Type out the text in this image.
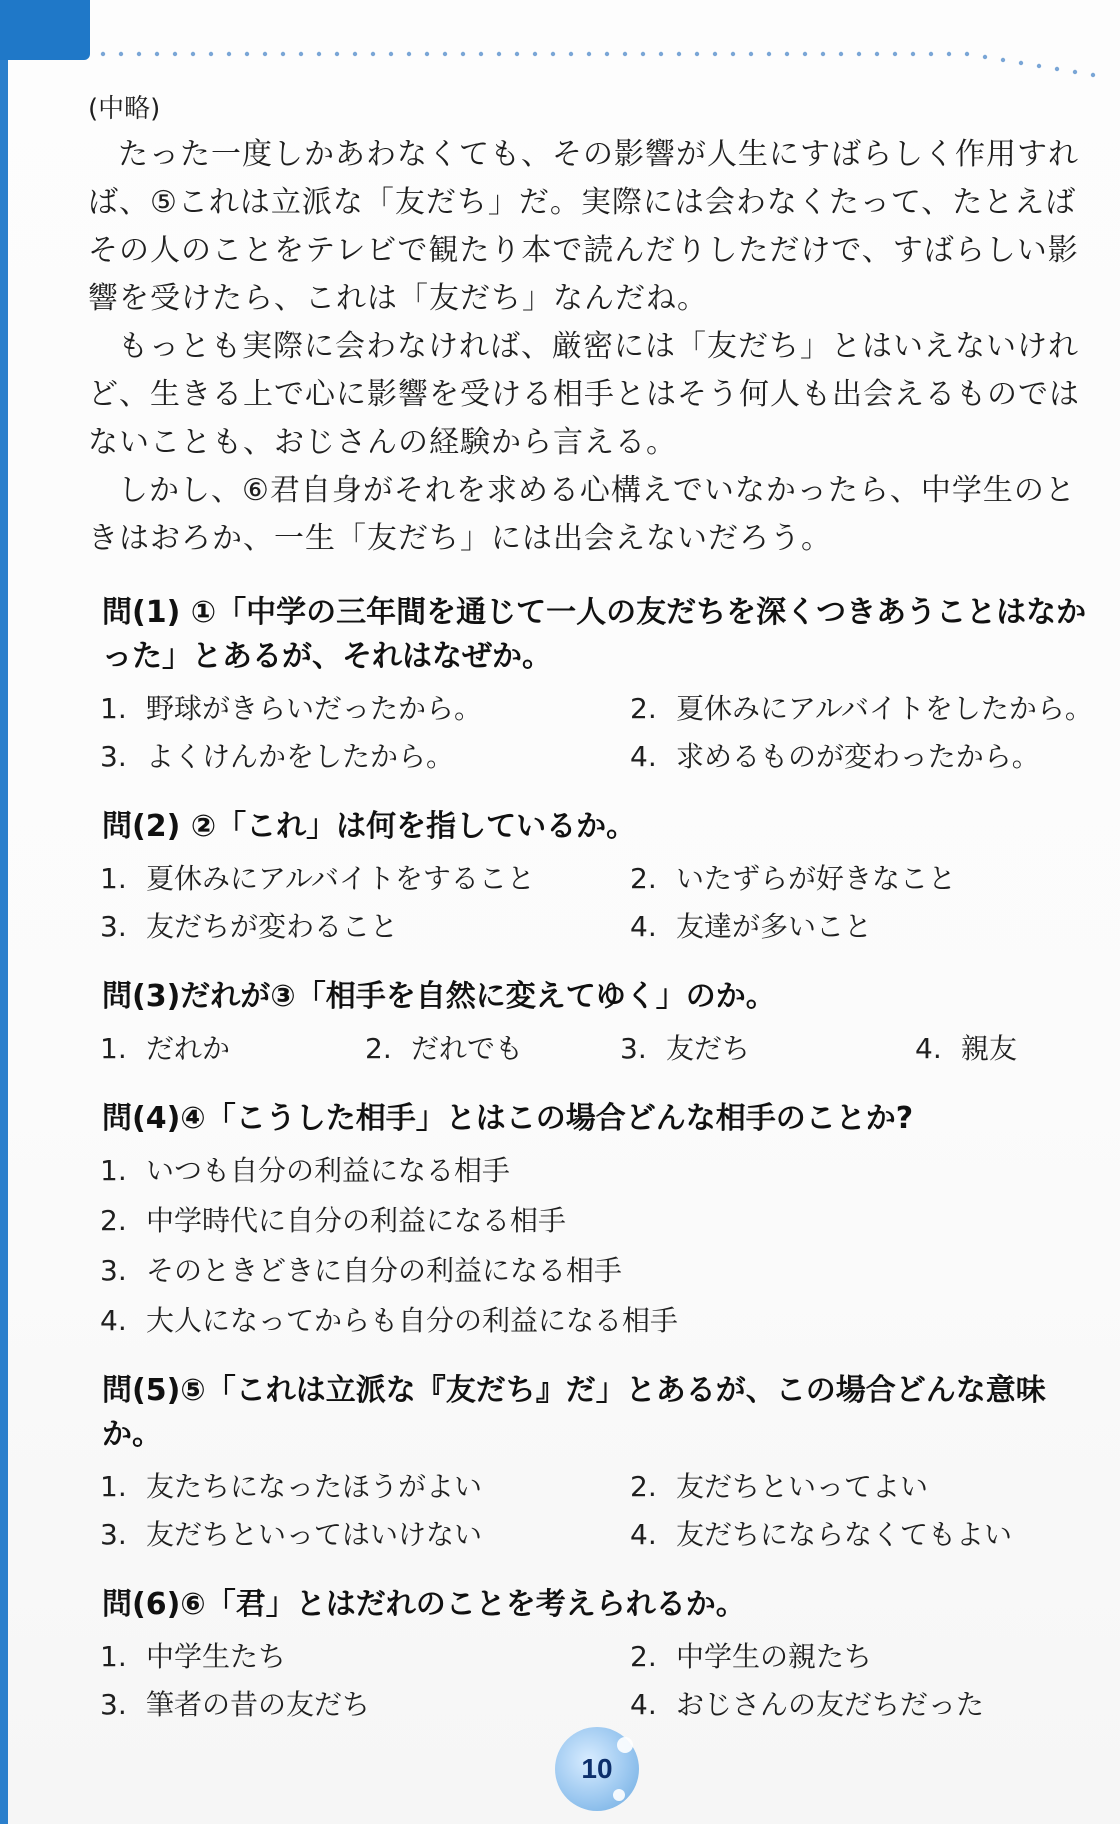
(中略)

たった一度しかあわなくても、その影響が人生にすばらしく作用すれば、⑤これは立派な「友だち」だ。実際には会わなくたって、たとえばその人のことをテレビで観たり本で読んだりしただけで、すばらしい影響を受けたら、これは「友だち」なんだね。

もっとも実際に会わなければ、厳密には「友だち」とはいえないけれど、生きる上で心に影響を受ける相手とはそう何人も出会えるものではないことも、おじさんの経験から言える。

しかし、⑥君自身がそれを求める心構えでいなかったら、中学生のときはおろか、一生「友だち」には出会えないだろう。

問(1) ①「中学の三年間を通じて一人の友だちを深くつきあうことはなかった」とあるが、それはなぜか。
1. 野球がきらいだったから。	2. 夏休みにアルバイトをしたから。
3. よくけんかをしたから。	4. 求めるものが変わったから。
問(2) ②「これ」は何を指しているか。
1. 夏休みにアルバイトをすること	2. いたずらが好きなこと
3. 友だちが変わること	4. 友達が多いこと
問(3)だれが③「相手を自然に変えてゆく」のか。
1. だれか	2. だれでも	3. 友だち	4. 親友
問(4)④「こうした相手」とはこの場合どんな相手のことか?
1. いつも自分の利益になる相手
2. 中学時代に自分の利益になる相手
3. そのときどきに自分の利益になる相手
4. 大人になってからも自分の利益になる相手
問(5)⑤「これは立派な『友だち』だ」とあるが、この場合どんな意味か。
1. 友たちになったほうがよい	2. 友だちといってよい
3. 友だちといってはいけない	4. 友だちにならなくてもよい
問(6)⑥「君」とはだれのことを考えられるか。
1. 中学生たち	2. 中学生の親たち
3. 筆者の昔の友だち	4. おじさんの友だちだった
10
